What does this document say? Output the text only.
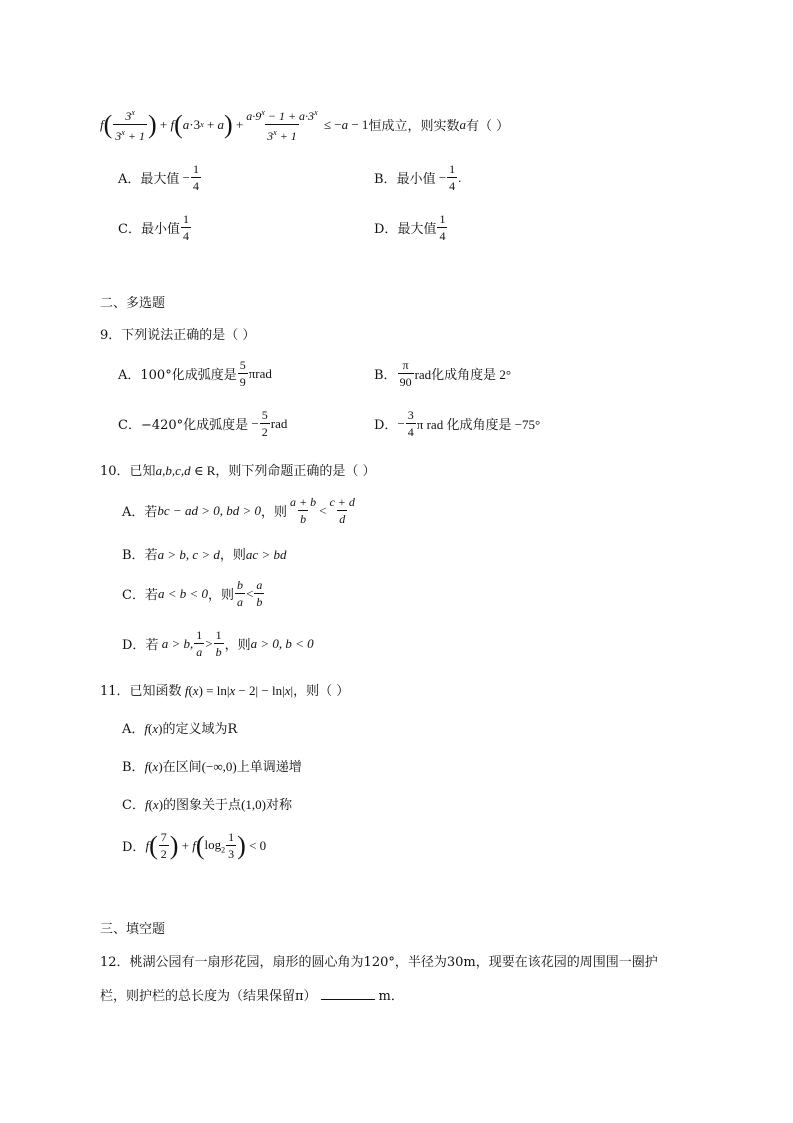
f ( $\frac{3^x}{3^x + 1}$ ) + f ( a ·3 x + a ) + $\frac{a\cdot 9^x - 1 + a\cdot 3^x}{3^x + 1}$ ≤ − a − 1 恒成立，则实数 a 有（ ）
A． 最大值 − $\frac{1}{4}$	B． 最小值 − $\frac{1}{4}$ .
C． 最小值 $\frac{1}{4}$	D． 最大值 $\frac{1}{4}$
二、多选题
9．下列说法正确的是（ ）
A． 100°化成弧度是 $\frac{5}{9}$ πrad	B． $\frac{\pi}{90}$ rad化成角度是 2°
C． −420°化成弧度是 − $\frac{5}{2}$ rad	D． − $\frac{3}{4}$ π rad 化成角度是 −75°
10．已知a,b,c,d ∈ R，则下列命题正确的是（ ）
A． 若 bc − ad > 0, bd > 0 ，则 $\frac{a + b}{b} < \frac{c + d}{d}$
B．若a > b, c > d，则ac > bd
C． 若 a < b < 0 ，则 $\frac{b}{a} < \frac{a}{b}$
D． 若 a > b, $\frac{1}{a} > \frac{1}{b}$ ，则 a > 0, b < 0
11．已知函数 f(x) = ln|x − 2| − ln|x|，则（ ）
A．f(x)的定义域为R
B．f(x)在区间(−∞,0)上单调递增
C．f(x)的图象关于点(1,0)对称
D． f ( $\frac{7}{2}$ ) + f ( $\log_2 \frac{1}{3}$ ) < 0
三、填空题
12．桃湖公园有一扇形花园，扇形的圆心角为120°，半径为30m，现要在该花园的周围围一圈护
栏，则护栏的总长度为（结果保留π）	m．
